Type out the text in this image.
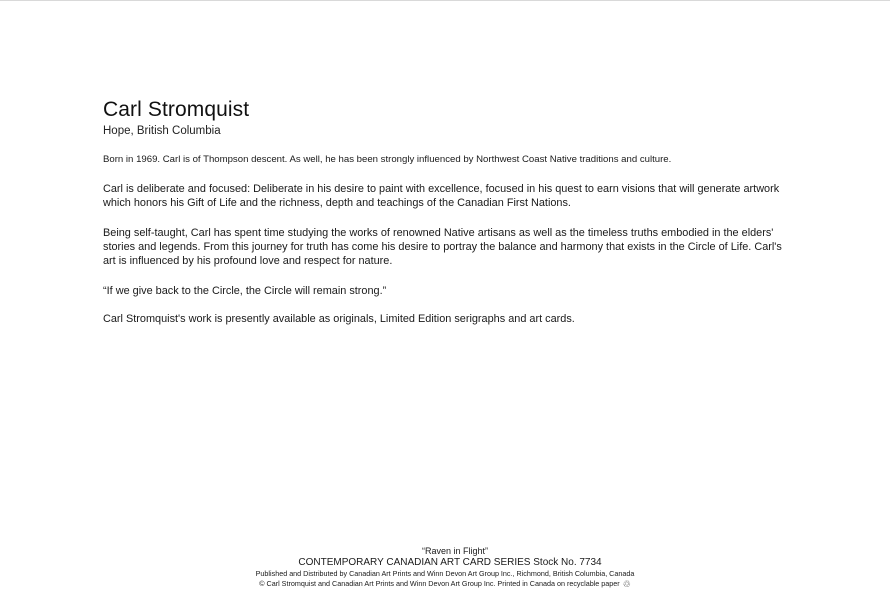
Carl Stromquist

Hope, British Columbia

Born in 1969. Carl is of Thompson descent. As well, he has been strongly influenced by Northwest Coast Native traditions and culture.

Carl is deliberate and focused: Deliberate in his desire to paint with excellence, focused in his quest to earn visions that will generate artwork which honors his Gift of Life and the richness, depth and teachings of the Canadian First Nations.

Being self-taught, Carl has spent time studying the works of renowned Native artisans as well as the timeless truths embodied in the elders' stories and legends. From this journey for truth has come his desire to portray the balance and harmony that exists in the Circle of Life. Carl's art is influenced by his profound love and respect for nature.

“If we give back to the Circle, the Circle will remain strong.”

Carl Stromquist's work is presently available as originals, Limited Edition serigraphs and art cards.

“Raven in Flight”
CONTEMPORARY CANADIAN ART CARD SERIES Stock No. 7734
Published and Distributed by Canadian Art Prints and Winn Devon Art Group Inc., Richmond, British Columbia, Canada
© Carl Stromquist and Canadian Art Prints and Winn Devon Art Group Inc. Printed in Canada on recyclable paper ♲
